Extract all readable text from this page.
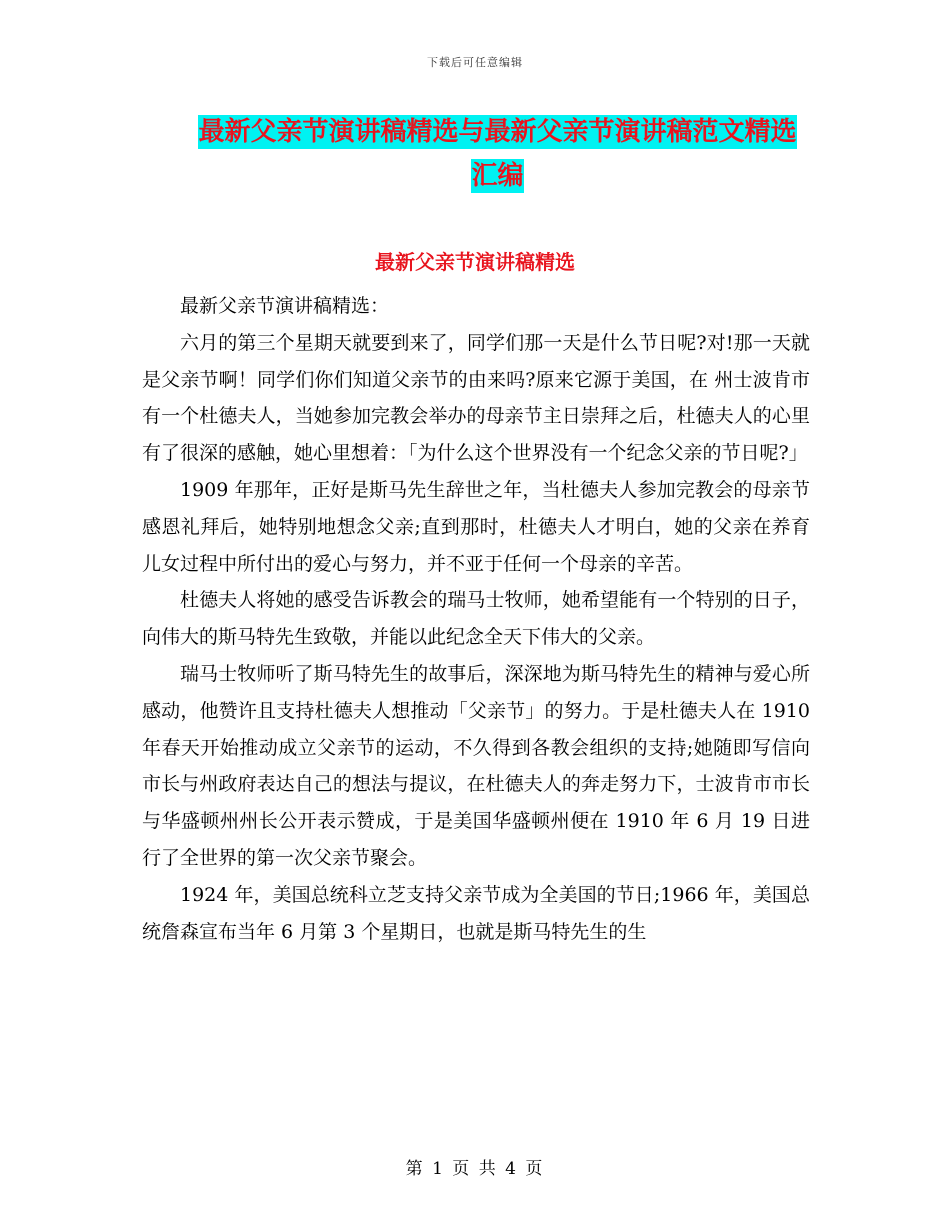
下载后可任意编辑
最新父亲节演讲稿精选与最新父亲节演讲稿范文精选汇编
最新父亲节演讲稿精选

最新父亲节演讲稿精选：

六月的第三个星期天就要到来了，同学们那一天是什么节日呢?对!那一天就是父亲节啊！同学们你们知道父亲节的由来吗?原来它源于美国，在 州士波肯市有一个杜德夫人，当她参加完教会举办的母亲节主日崇拜之后，杜德夫人的心里有了很深的感触，她心里想着：「为什么这个世界没有一个纪念父亲的节日呢?」

1909 年那年，正好是斯马先生辞世之年，当杜德夫人参加完教会的母亲节感恩礼拜后，她特别地想念父亲;直到那时，杜德夫人才明白，她的父亲在养育儿女过程中所付出的爱心与努力，并不亚于任何一个母亲的辛苦。

杜德夫人将她的感受告诉教会的瑞马士牧师，她希望能有一个特别的日子，向伟大的斯马特先生致敬，并能以此纪念全天下伟大的父亲。

瑞马士牧师听了斯马特先生的故事后，深深地为斯马特先生的精神与爱心所感动，他赞许且支持杜德夫人想推动「父亲节」的努力。于是杜德夫人在 1910 年春天开始推动成立父亲节的运动，不久得到各教会组织的支持;她随即写信向市长与州政府表达自己的想法与提议，在杜德夫人的奔走努力下，士波肯市市长与华盛顿州州长公开表示赞成，于是美国华盛顿州便在 1910 年 6 月 19 日进行了全世界的第一次父亲节聚会。

1924 年，美国总统科立芝支持父亲节成为全美国的节日;1966 年，美国总统詹森宣布当年 6 月第 3 个星期日，也就是斯马特先生的生

第 1 页 共 4 页
